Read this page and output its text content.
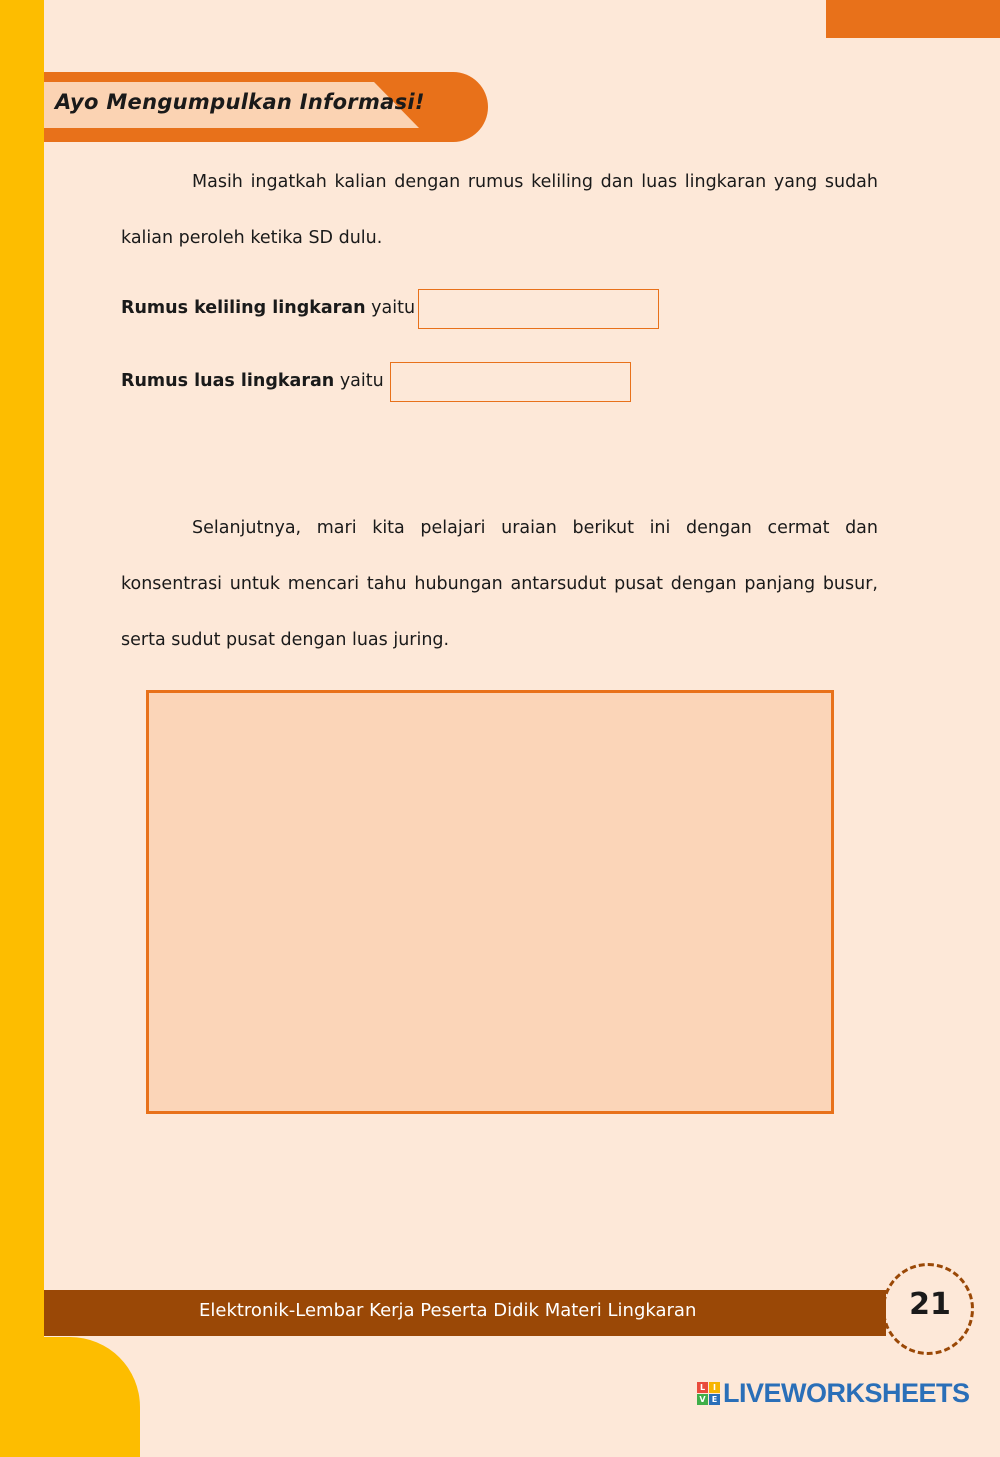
Ayo Mengumpulkan Informasi!
Masih ingatkah kalian dengan rumus keliling dan luas lingkaran yang sudah kalian peroleh ketika SD dulu.
Rumus keliling lingkaran yaitu
Rumus luas lingkaran yaitu
Selanjutnya, mari kita pelajari uraian berikut ini dengan cermat dan konsentrasi untuk mencari tahu hubungan antarsudut pusat dengan panjang busur, serta sudut pusat dengan luas juring.
Elektronik-Lembar Kerja Peserta Didik Materi Lingkaran	21
L I
V E LIVEWORKSHEETS
